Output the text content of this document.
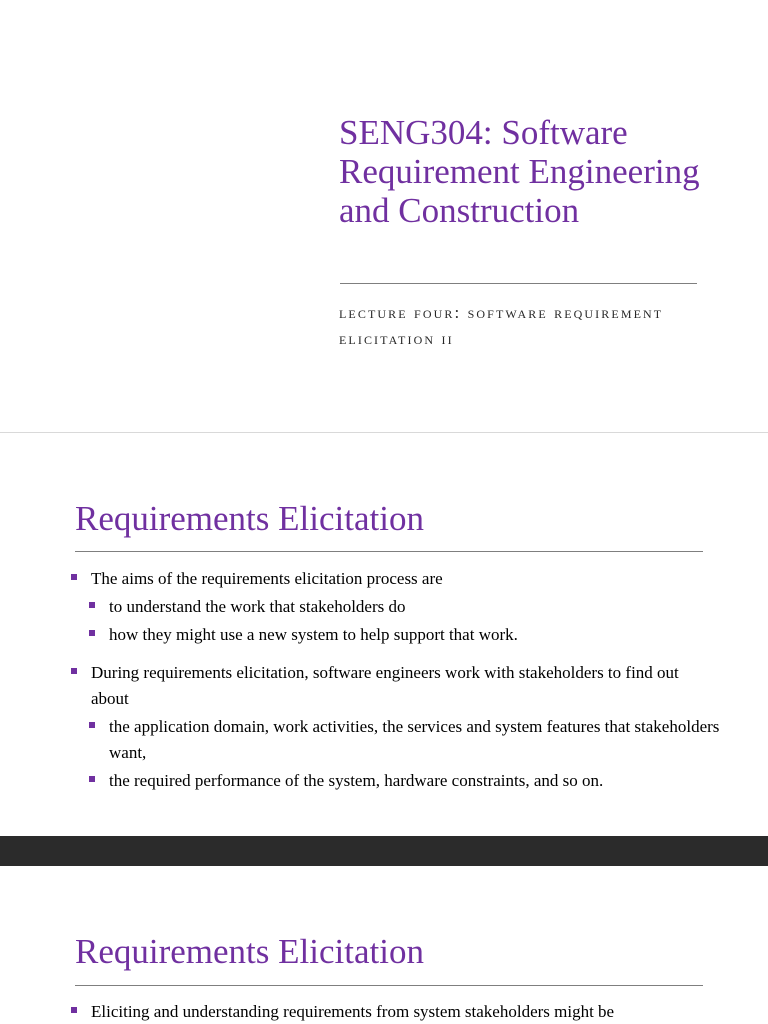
SENG304: Software Requirement Engineering and Construction

lecture four: software requirement elicitation ii

Requirements Elicitation
The aims of the requirements elicitation process are
to understand the work that stakeholders do
how they might use a new system to help support that work.
During requirements elicitation, software engineers work with stakeholders to find out about
the application domain, work activities, the services and system features that stakeholders want,
the required performance of the system, hardware constraints, and so on.
Requirements Elicitation
Eliciting and understanding requirements from system stakeholders might be
